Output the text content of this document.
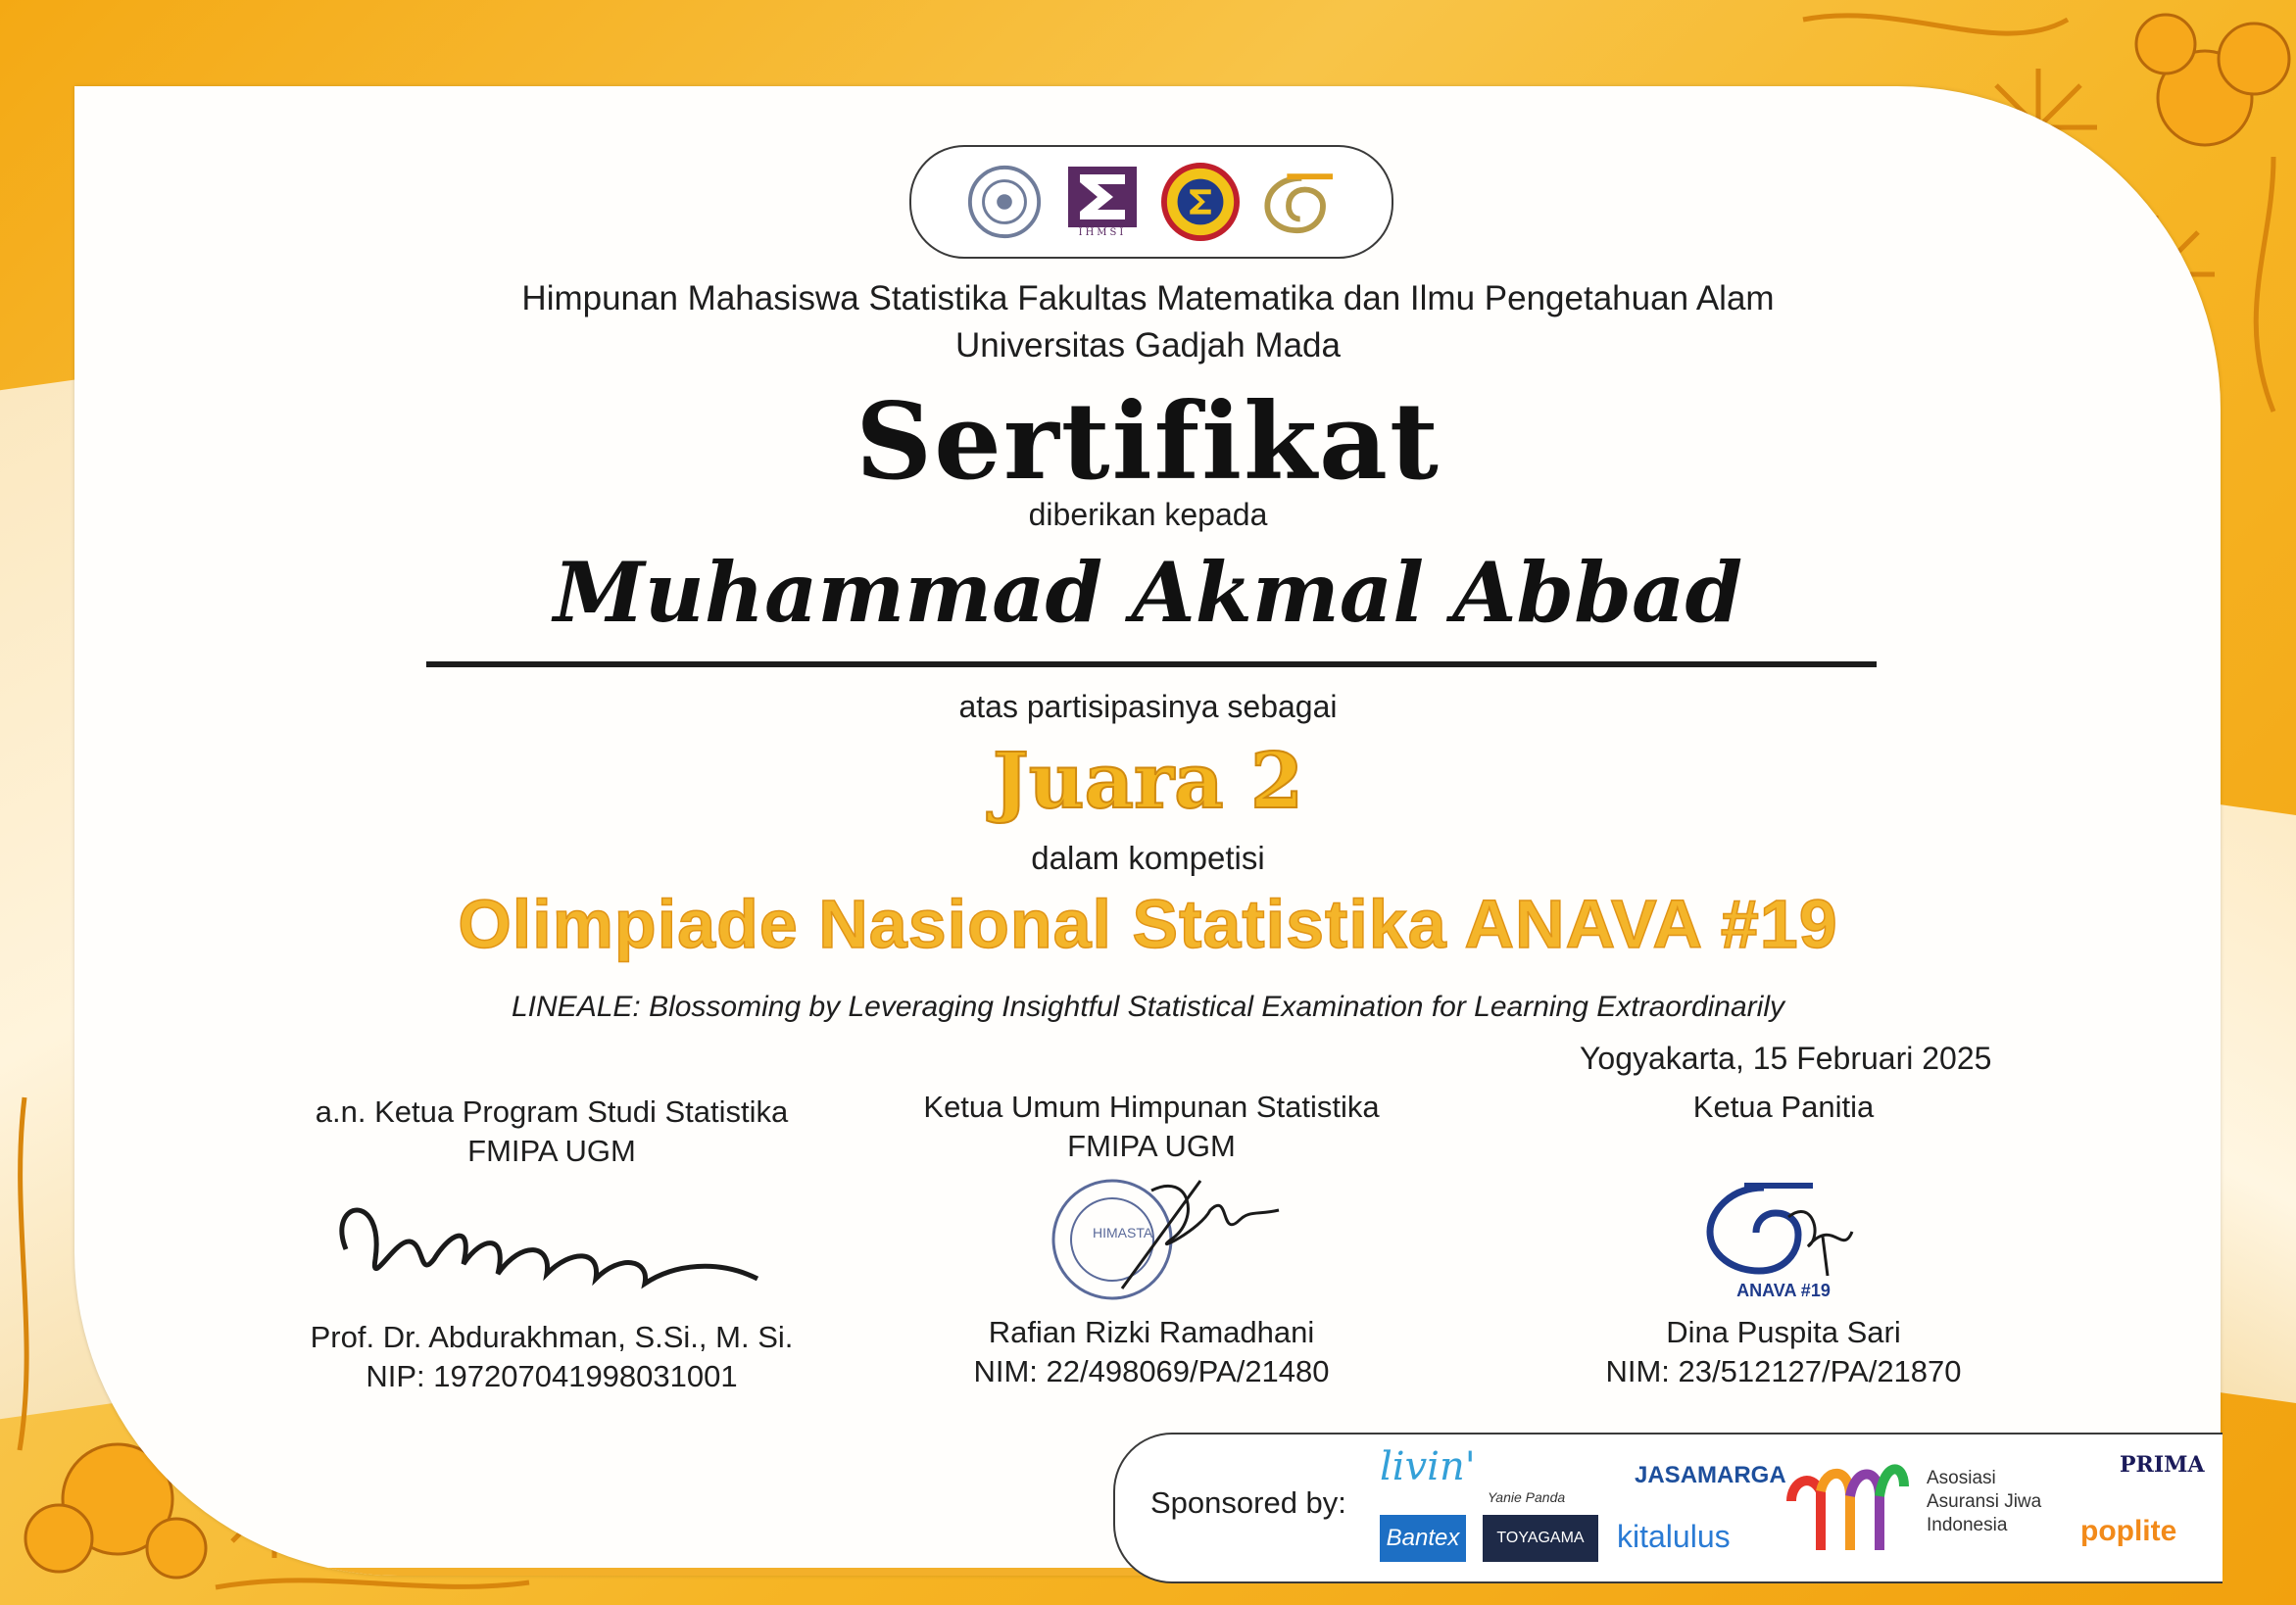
IHMSI
Himpunan Mahasiswa Statistika Fakultas Matematika dan Ilmu Pengetahuan Alam
Universitas Gadjah Mada
Sertifikat
diberikan kepada
Muhammad Akmal Abbad
atas partisipasinya sebagai
Juara 2
dalam kompetisi
Olimpiade Nasional Statistika ANAVA #19
LINEALE: Blossoming by Leveraging Insightful Statistical Examination for Learning Extraordinarily
Yogyakarta, 15 Februari 2025
a.n. Ketua Program Studi Statistika
FMIPA UGM
Prof. Dr. Abdurakhman, S.Si., M. Si.
NIP: 197207041998031001
Ketua Umum Himpunan Statistika
FMIPA UGM
HIMASTA
Rafian Rizki Ramadhani
NIM: 22/498069/PA/21480
Ketua Panitia
ANAVA #19
Dina Puspita Sari
NIM: 23/512127/PA/21870
Sponsored by:
livin'
Yanie Panda
JASAMARGA
Bantex	TOYAGAMA	kitalulus
Asosiasi
Asuransi Jiwa
Indonesia
PRIMA
poplite
